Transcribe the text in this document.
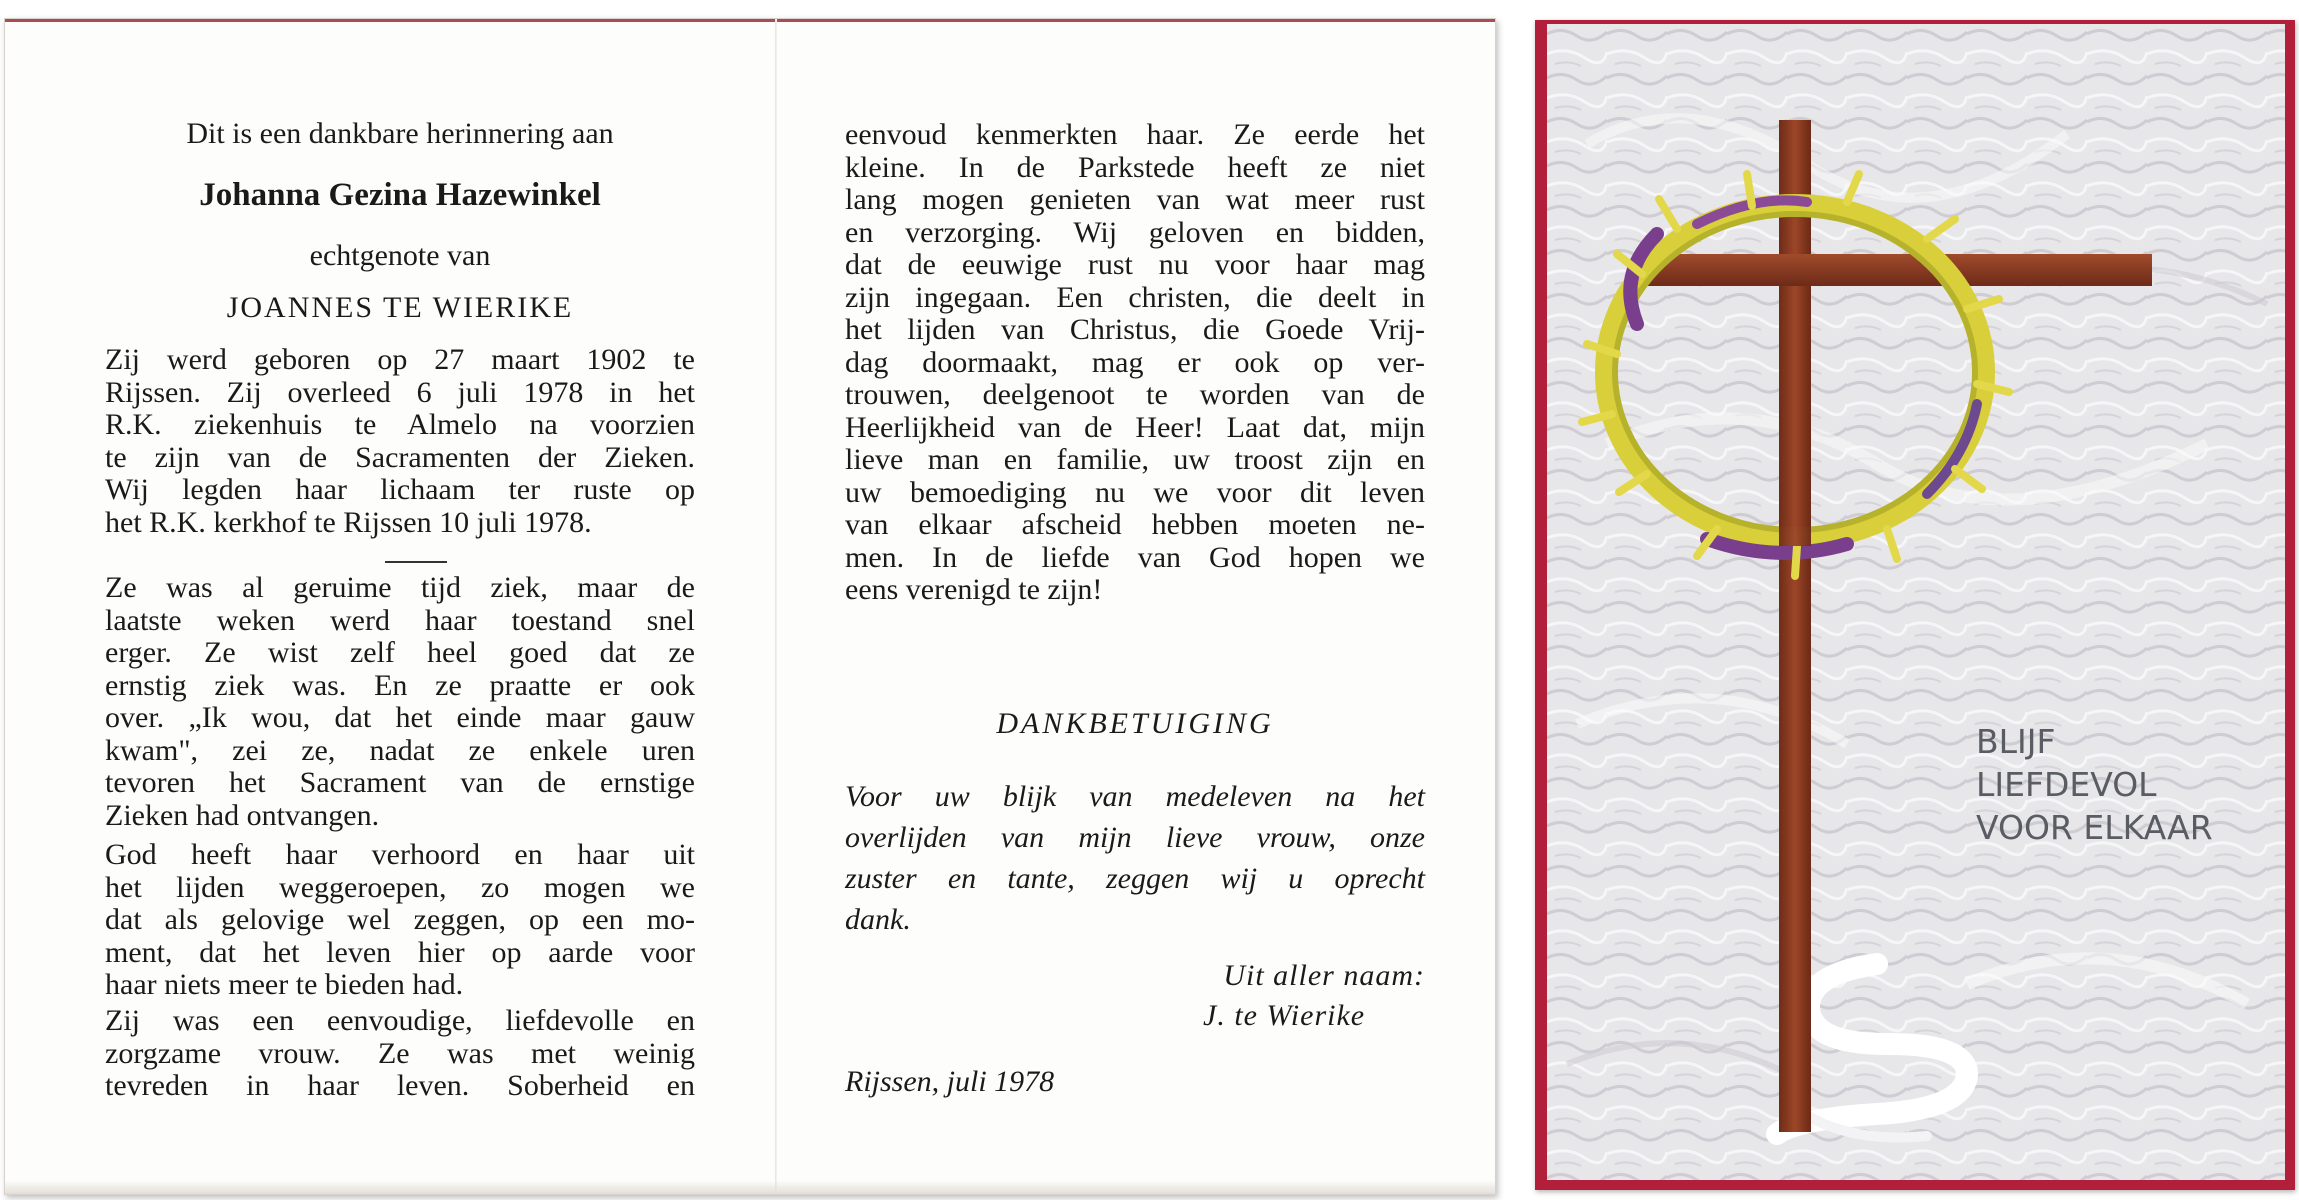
Dit is een dankbare herinnering aan
Johanna Gezina Hazewinkel
echtgenote van
JOANNES TE WIERIKE
Zij werd geboren op 27 maart 1902 te
Rijssen. Zij overleed 6 juli 1978 in het
R.K. ziekenhuis te Almelo na voorzien
te zijn van de Sacramenten der Zieken.
Wij legden haar lichaam ter ruste op
het R.K. kerkhof te Rijssen 10 juli 1978.
Ze was al geruime tijd ziek, maar de
laatste weken werd haar toestand snel
erger. Ze wist zelf heel goed dat ze
ernstig ziek was. En ze praatte er ook
over. „Ik wou, dat het einde maar gauw
kwam", zei ze, nadat ze enkele uren
tevoren het Sacrament van de ernstige
Zieken had ontvangen.
God heeft haar verhoord en haar uit
het lijden weggeroepen, zo mogen we
dat als gelovige wel zeggen, op een mo-
ment, dat het leven hier op aarde voor
haar niets meer te bieden had.
Zij was een eenvoudige, liefdevolle en
zorgzame vrouw. Ze was met weinig
tevreden in haar leven. Soberheid en
eenvoud kenmerkten haar. Ze eerde het
kleine. In de Parkstede heeft ze niet
lang mogen genieten van wat meer rust
en verzorging. Wij geloven en bidden,
dat de eeuwige rust nu voor haar mag
zijn ingegaan. Een christen, die deelt in
het lijden van Christus, die Goede Vrij-
dag doormaakt, mag er ook op ver-
trouwen, deelgenoot te worden van de
Heerlijkheid van de Heer! Laat dat, mijn
lieve man en familie, uw troost zijn en
uw bemoediging nu we voor dit leven
van elkaar afscheid hebben moeten ne-
men. In de liefde van God hopen we
eens verenigd te zijn!
DANKBETUIGING
Voor uw blijk van medeleven na het
overlijden van mijn lieve vrouw, onze
zuster en tante, zeggen wij u oprecht
dank.
Uit aller naam:
J. te Wierike
Rijssen, juli 1978
BLIJF
LIEFDEVOL
VOOR ELKAAR
